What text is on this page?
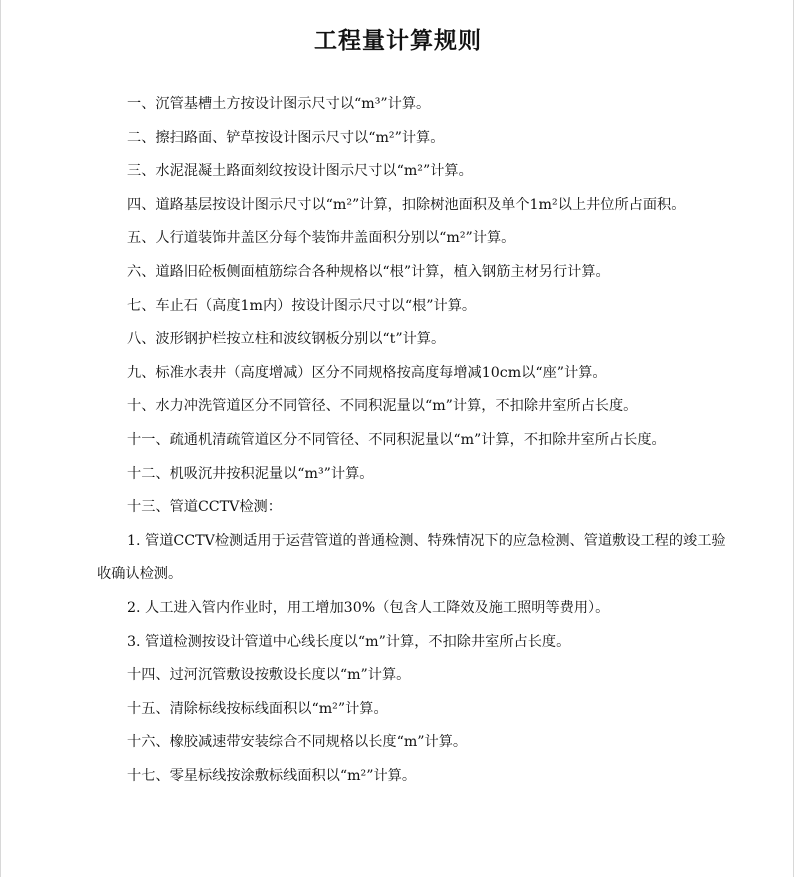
工程量计算规则

一、沉管基槽土方按设计图示尺寸以“m³”计算。

二、擦扫路面、铲草按设计图示尺寸以“m²”计算。

三、水泥混凝土路面刻纹按设计图示尺寸以“m²”计算。

四、道路基层按设计图示尺寸以“m²”计算，扣除树池面积及单个1m²以上井位所占面积。

五、人行道装饰井盖区分每个装饰井盖面积分别以“m²”计算。

六、道路旧砼板侧面植筋综合各种规格以“根”计算，植入钢筋主材另行计算。

七、车止石（高度1m内）按设计图示尺寸以“根”计算。

八、波形钢护栏按立柱和波纹钢板分别以“t”计算。

九、标准水表井（高度增减）区分不同规格按高度每增减10cm以“座”计算。

十、水力冲洗管道区分不同管径、不同积泥量以“m”计算，不扣除井室所占长度。

十一、疏通机清疏管道区分不同管径、不同积泥量以“m”计算，不扣除井室所占长度。

十二、机吸沉井按积泥量以“m³”计算。

十三、管道CCTV检测：

1. 管道CCTV检测适用于运营管道的普通检测、特殊情况下的应急检测、管道敷设工程的竣工验收确认检测。

2. 人工进入管内作业时，用工增加30%（包含人工降效及施工照明等费用）。

3. 管道检测按设计管道中心线长度以“m”计算，不扣除井室所占长度。

十四、过河沉管敷设按敷设长度以“m”计算。

十五、清除标线按标线面积以“m²”计算。

十六、橡胶减速带安装综合不同规格以长度“m”计算。

十七、零星标线按涂敷标线面积以“m²”计算。
